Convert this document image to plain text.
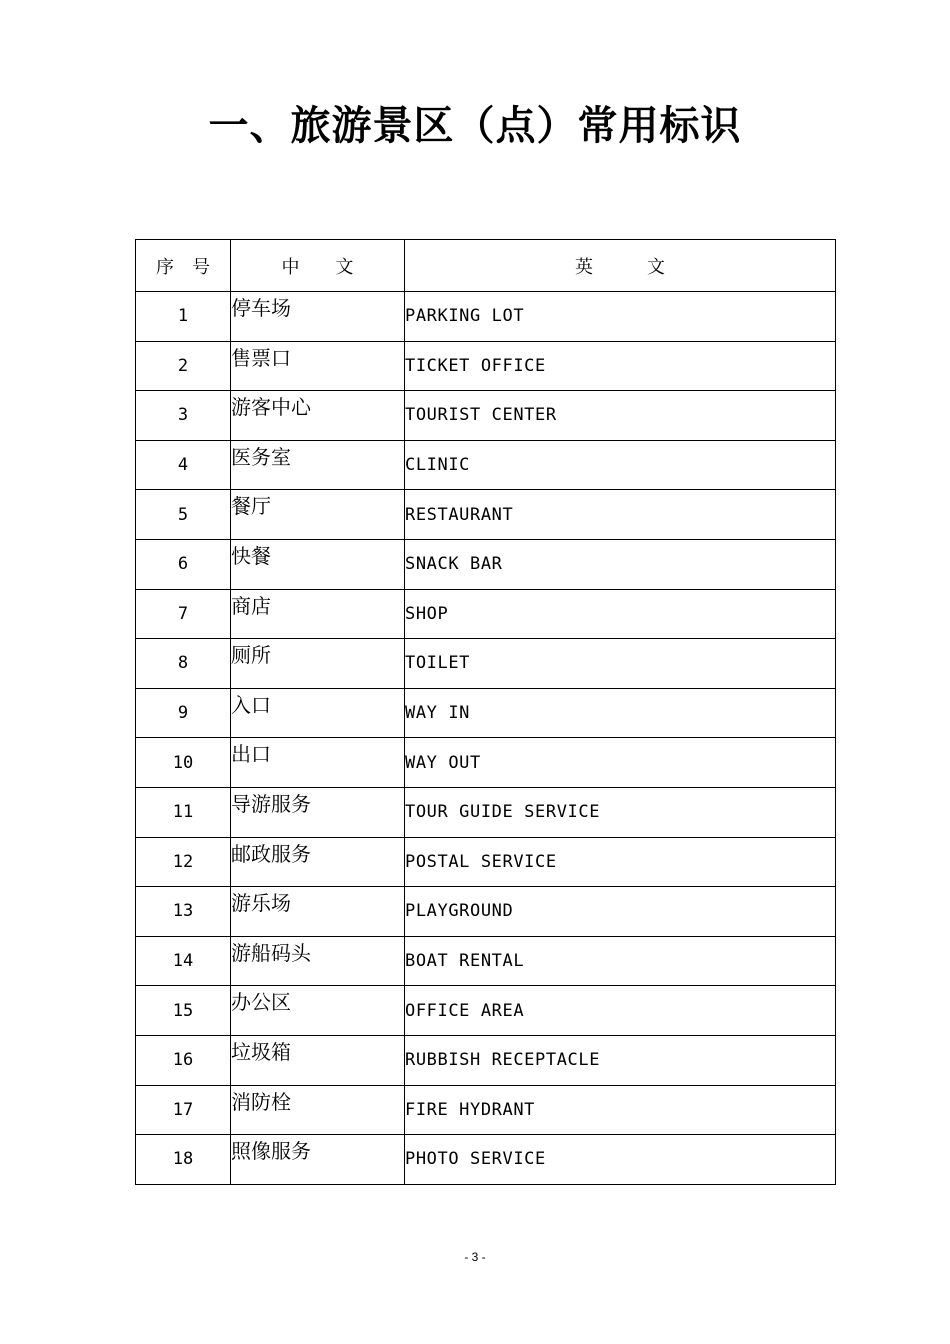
一、旅游景区（点）常用标识
序　号	中　　文	英　　　文
1	停车场	PARKING LOT
2	售票口	TICKET OFFICE
3	游客中心	TOURIST CENTER
4	医务室	CLINIC
5	餐厅	RESTAURANT
6	快餐	SNACK BAR
7	商店	SHOP
8	厕所	TOILET
9	入口	WAY IN
10	出口	WAY OUT
11	导游服务	TOUR GUIDE SERVICE
12	邮政服务	POSTAL SERVICE
13	游乐场	PLAYGROUND
14	游船码头	BOAT RENTAL
15	办公区	OFFICE AREA
16	垃圾箱	RUBBISH RECEPTACLE
17	消防栓	FIRE HYDRANT
18	照像服务	PHOTO SERVICE
- 3 -
